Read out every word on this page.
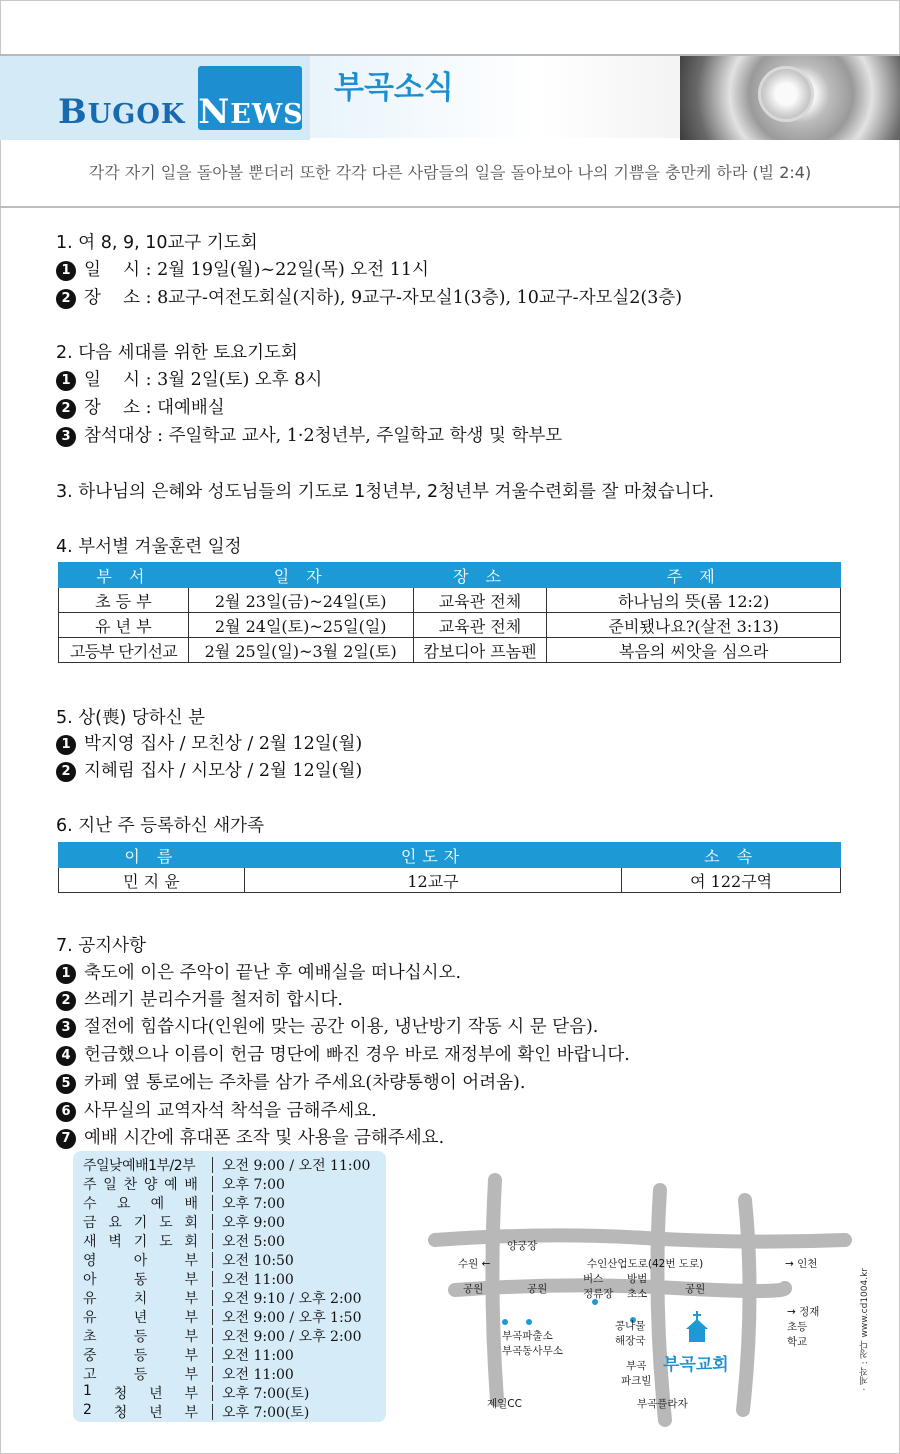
BUGOK NEWS
부곡소식
각각 자기 일을 돌아볼 뿐더러 또한 각각 다른 사람들의 일을 돌아보아 나의 기쁨을 충만케 하라 (빌 2:4)
1. 여 8, 9, 10교구 기도회
1 일    시 : 2월 19일(월)~22일(목) 오전 11시
2 장    소 : 8교구-여전도회실(지하), 9교구-자모실1(3층), 10교구-자모실2(3층)
2. 다음 세대를 위한 토요기도회
1 일    시 : 3월 2일(토) 오후 8시
2 장    소 : 대예배실
3 참석대상 : 주일학교 교사, 1·2청년부, 주일학교 학생 및 학부모
3. 하나님의 은혜와 성도님들의 기도로 1청년부, 2청년부 겨울수련회를 잘 마쳤습니다.
4. 부서별 겨울훈련 일정
부 서	일 자	장 소	주 제
초 등 부	2월 23일(금)~24일(토)	교육관 전체	하나님의 뜻(롬 12:2)
유 년 부	2월 24일(토)~25일(일)	교육관 전체	준비됐나요?(살전 3:13)
고등부 단기선교	2월 25일(일)~3월 2일(토)	캄보디아 프놈펜	복음의 씨앗을 심으라
5. 상(喪) 당하신 분
1 박지영 집사 / 모친상 / 2월 12일(월)
2 지혜림 집사 / 시모상 / 2월 12일(월)
6. 지난 주 등록하신 새가족
이 름	인도자	소 속
민 지 윤	12교구	여 122구역
7. 공지사항
1 축도에 이은 주악이 끝난 후 예배실을 떠나십시오.
2 쓰레기 분리수거를 철저히 합시다.
3 절전에 힘씁시다(인원에 맞는 공간 이용, 냉난방기 작동 시 문 닫음).
4 헌금했으나 이름이 헌금 명단에 빠진 경우 바로 재정부에 확인 바랍니다.
5 카페 옆 통로에는 주차를 삼가 주세요(차량통행이 어려움).
6 사무실의 교역자석 착석을 금해주세요.
7 예배 시간에 휴대폰 조작 및 사용을 금해주세요.
주일낮예배1부/2부 오전 9:00 / 오전 11:00
주 일 찬 양 예 배 오후 7:00
수 요 예 배 오후 7:00
금 요 기 도 회 오후 9:00
새 벽 기 도 회 오전 5:00
영	아	부 오전 10:50
아	동	부 오전 11:00
유	치	부 오전 9:10 / 오후 2:00
유	년	부 오전 9:00 / 오후 1:50
초	등	부 오전 9:00 / 오후 2:00
중	등	부 오전 11:00
고	등	부 오전 11:00
1 청 년 부 오후 7:00(토)
2 청 년 부 오후 7:00(토)
양궁장
수원 ←	수인산업도로(42번 도로)	→ 인천
공원	공원	공원
버스
정류장
방범
초소
→ 정재
초등
학교
부곡파출소
부곡동사무소
콩나물
해장국
부곡교회
부곡
파크빌
제일CC	부곡플라자
· 제작 : 청다 www.cd1004.kr
